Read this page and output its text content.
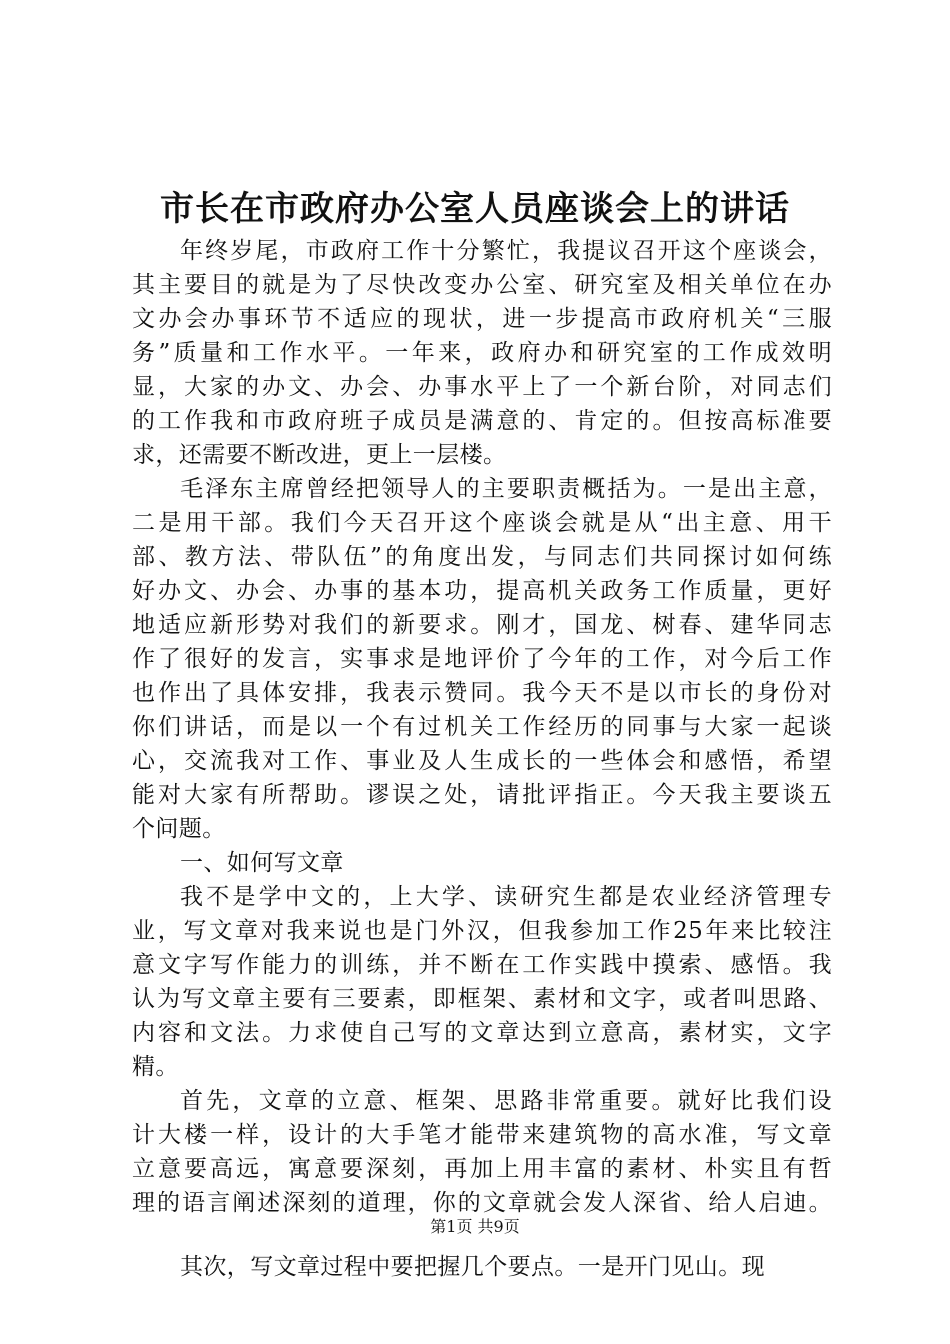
市长在市政府办公室人员座谈会上的讲话
年终岁尾，市政府工作十分繁忙，我提议召开这个座谈会，
其主要目的就是为了尽快改变办公室、研究室及相关单位在办
文办会办事环节不适应的现状，进一步提高市政府机关“三服
务”质量和工作水平。一年来，政府办和研究室的工作成效明
显，大家的办文、办会、办事水平上了一个新台阶，对同志们
的工作我和市政府班子成员是满意的、肯定的。但按高标准要
求，还需要不断改进，更上一层楼。
毛泽东主席曾经把领导人的主要职责概括为。一是出主意，
二是用干部。我们今天召开这个座谈会就是从“出主意、用干
部、教方法、带队伍”的角度出发，与同志们共同探讨如何练
好办文、办会、办事的基本功，提高机关政务工作质量，更好
地适应新形势对我们的新要求。刚才，国龙、树春、建华同志
作了很好的发言，实事求是地评价了今年的工作，对今后工作
也作出了具体安排，我表示赞同。我今天不是以市长的身份对
你们讲话，而是以一个有过机关工作经历的同事与大家一起谈
心，交流我对工作、事业及人生成长的一些体会和感悟，希望
能对大家有所帮助。谬误之处，请批评指正。今天我主要谈五
个问题。
一、如何写文章
我不是学中文的，上大学、读研究生都是农业经济管理专
业，写文章对我来说也是门外汉，但我参加工作25年来比较注
意文字写作能力的训练，并不断在工作实践中摸索、感悟。我
认为写文章主要有三要素，即框架、素材和文字，或者叫思路、
内容和文法。力求使自己写的文章达到立意高，素材实，文字
精。
首先，文章的立意、框架、思路非常重要。就好比我们设
计大楼一样，设计的大手笔才能带来建筑物的高水准，写文章
立意要高远，寓意要深刻，再加上用丰富的素材、朴实且有哲
理的语言阐述深刻的道理，你的文章就会发人深省、给人启迪。
其次，写文章过程中要把握几个要点。一是开门见山。现
第1页 共9页
